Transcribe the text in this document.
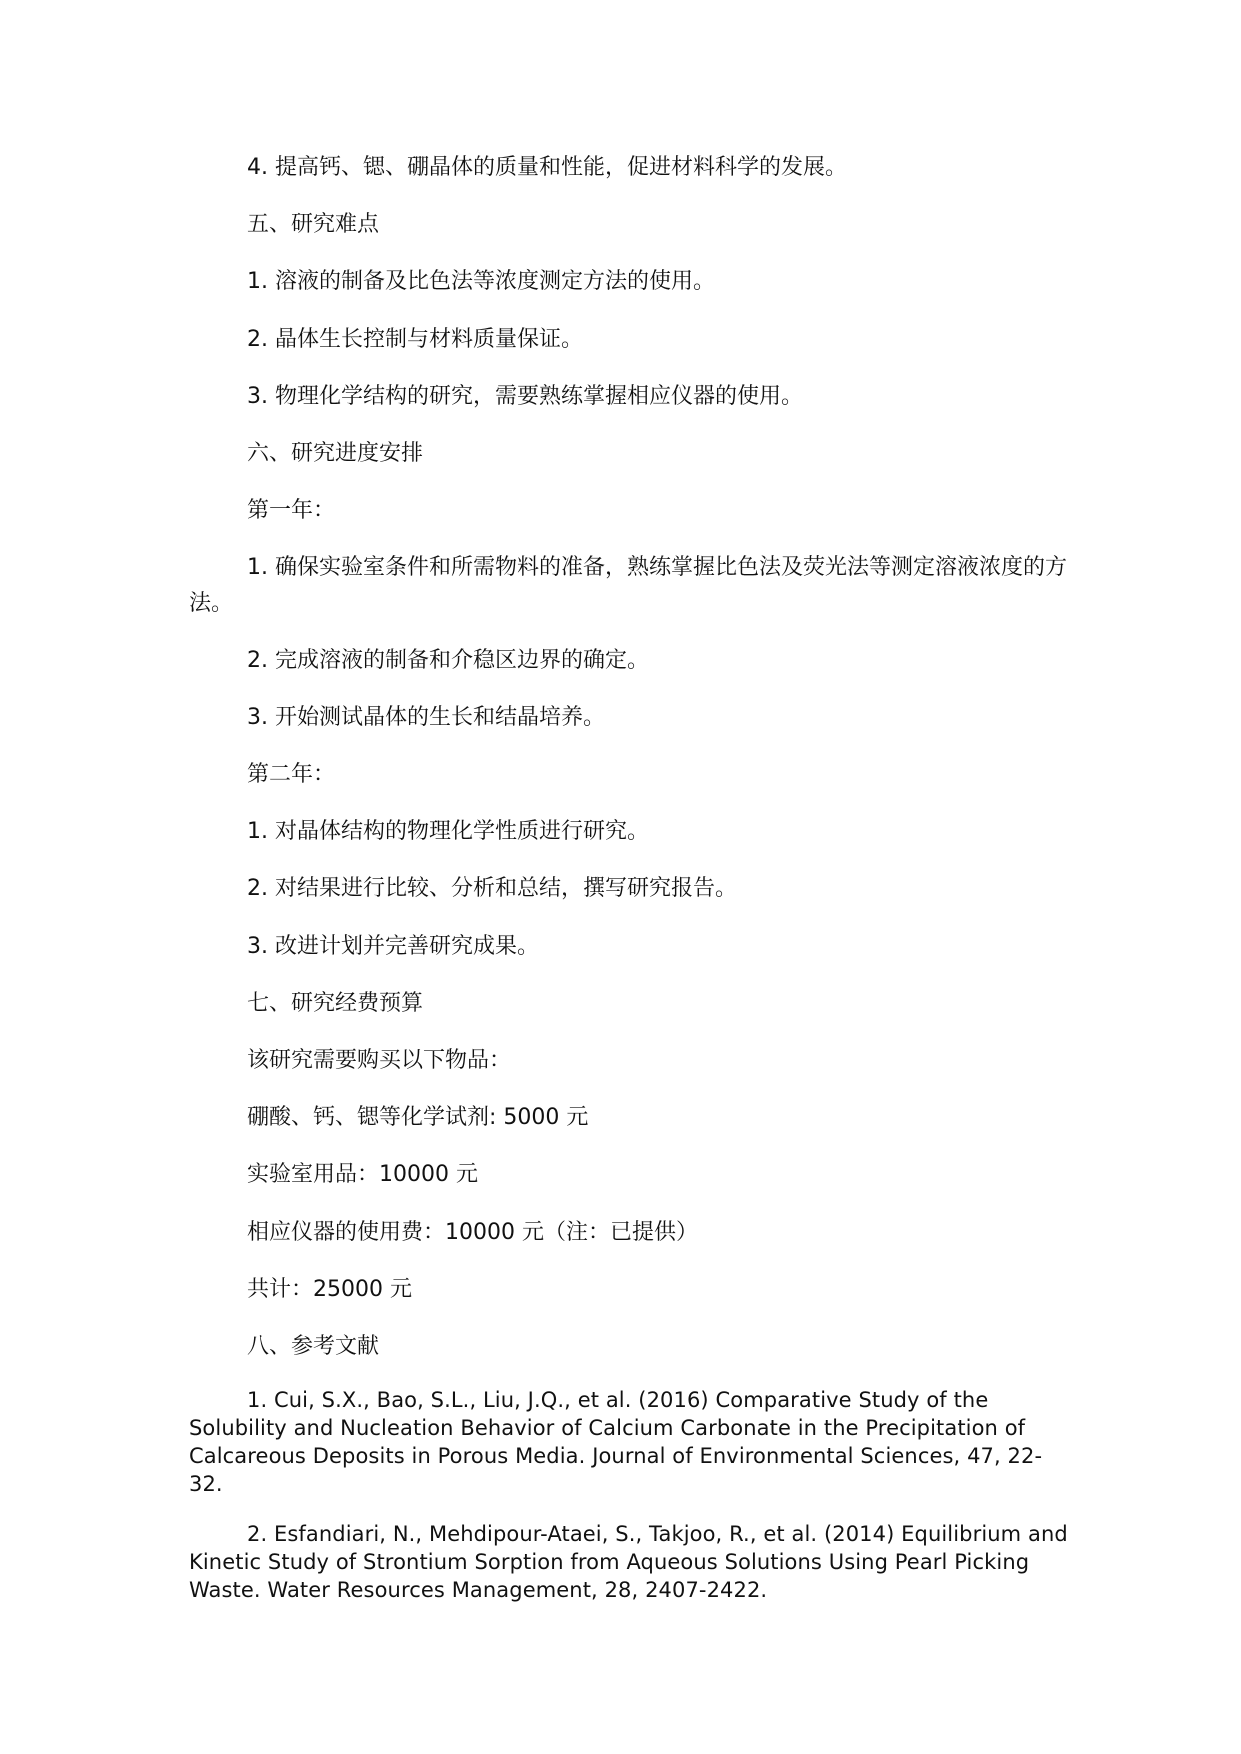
4. 提高钙、锶、硼晶体的质量和性能，促进材料科学的发展。

五、研究难点

1. 溶液的制备及比色法等浓度测定方法的使用。

2. 晶体生长控制与材料质量保证。

3. 物理化学结构的研究，需要熟练掌握相应仪器的使用。

六、研究进度安排

第一年：

1. 确保实验室条件和所需物料的准备，熟练掌握比色法及荧光法等测定溶液浓度的方法。

2. 完成溶液的制备和介稳区边界的确定。

3. 开始测试晶体的生长和结晶培养。

第二年：

1. 对晶体结构的物理化学性质进行研究。

2. 对结果进行比较、分析和总结，撰写研究报告。

3. 改进计划并完善研究成果。

七、研究经费预算

该研究需要购买以下物品：

硼酸、钙、锶等化学试剂: 5000 元

实验室用品：10000 元

相应仪器的使用费：10000 元（注：已提供）

共计：25000 元

八、参考文献

1. Cui, S.X., Bao, S.L., Liu, J.Q., et al. (2016) Comparative Study of the Solubility and Nucleation Behavior of Calcium Carbonate in the Precipitation of Calcareous Deposits in Porous Media. Journal of Environmental Sciences, 47, 22-32.

2. Esfandiari, N., Mehdipour-Ataei, S., Takjoo, R., et al. (2014) Equilibrium and Kinetic Study of Strontium Sorption from Aqueous Solutions Using Pearl Picking Waste. Water Resources Management, 28, 2407-2422.
